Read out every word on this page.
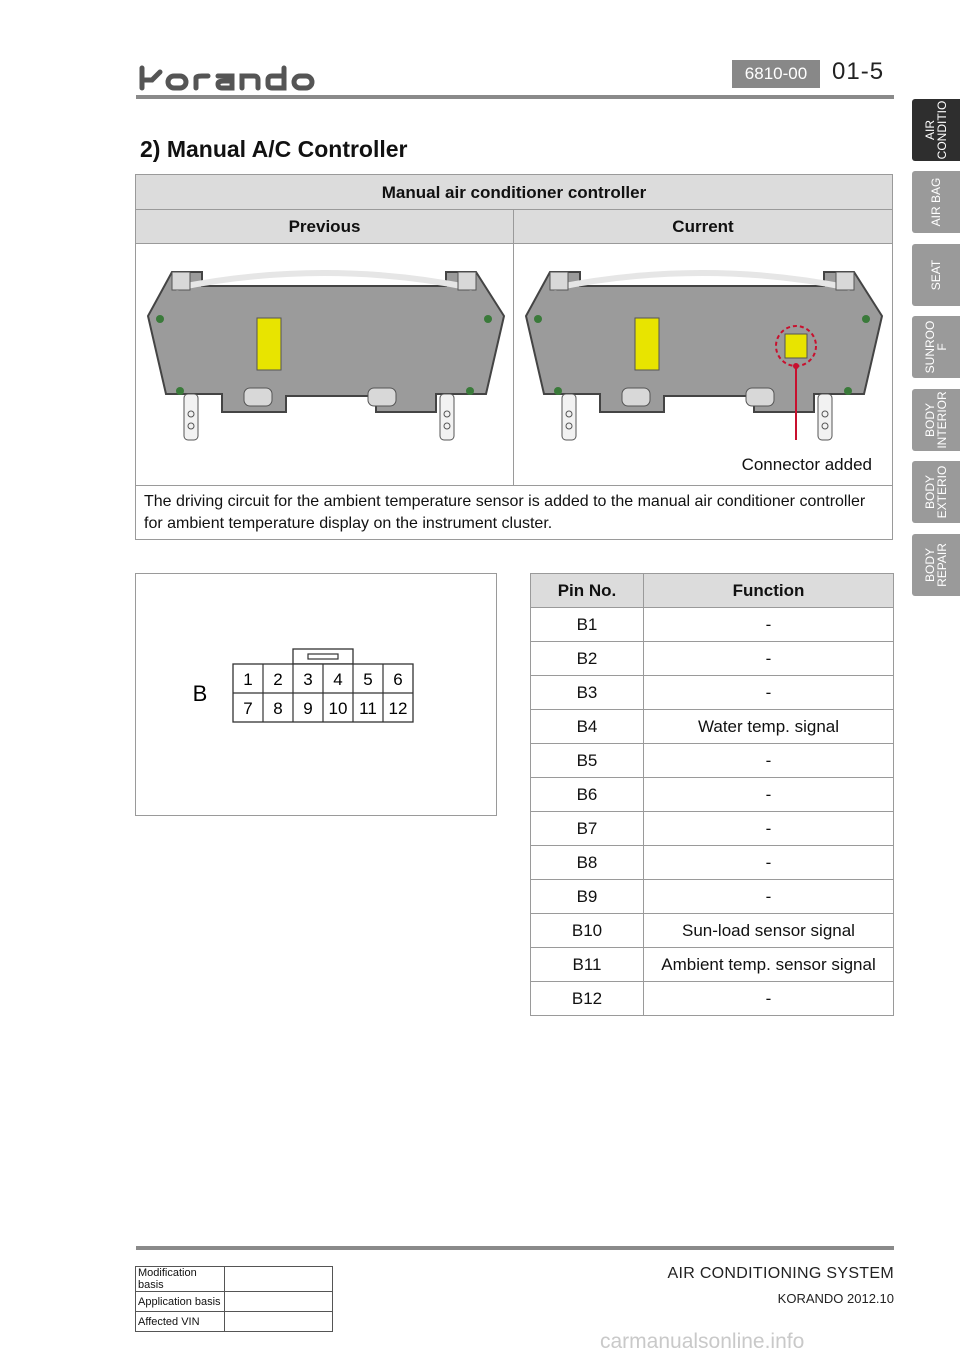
6810-00	01-5
2) Manual A/C Controller
AIR
CONDITIO
AIR BAG
SEAT
SUNROO
F
BODY
INTERIOR
BODY
EXTERIO
BODY
REPAIR
Manual air conditioner controller
Previous	Current
Connector added
The driving circuit for the ambient temperature sensor is added to the manual air conditioner controller for ambient temperature display on the instrument cluster.
B
1 2 3 4 5 6
7 8 9 10 11 12
Pin No.	Function
B1	-
B2	-
B3	-
B4	Water temp. signal
B5	-
B6	-
B7	-
B8	-
B9	-
B10	Sun-load sensor signal
B11	Ambient temp. sensor signal
B12	-
Modification basis	
Application basis	
Affected VIN	
AIR CONDITIONING SYSTEM
KORANDO 2012.10
carmanualsonline.info
